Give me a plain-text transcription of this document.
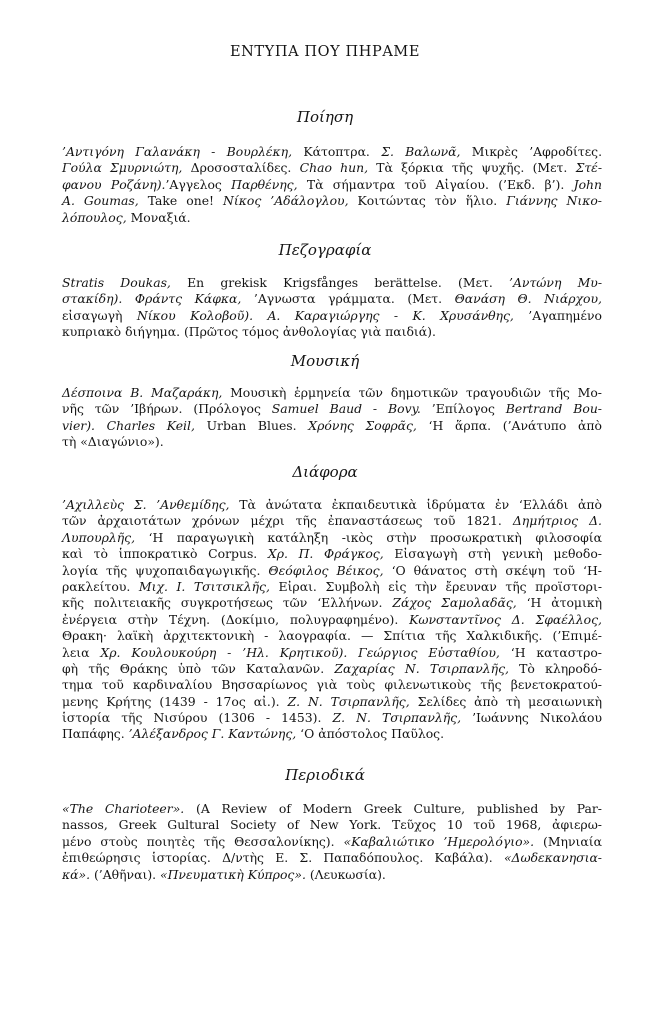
ΕΝΤΥΠΑ ΠΟΥ ΠΗΡΑΜΕ
Ποίηση
’Αντιγόνη Γαλανάκη - Βουρλέκη, Κάτοπτρα. Σ. Βαλωνᾶ, Μικρὲς ’Αφροδίτες.
Γούλα Σμυρνιώτη, Δροσοσταλίδες. Chao hun, Τὰ ξόρκια τῆς ψυχῆς. (Μετ. Στέ-
φανου Ροζάνη).’Αγγελος Παρθένης, Τὰ σήμαντρα τοῦ Αἰγαίου. (’Εκδ. β’). John
A. Goumas, Take one! Νίκος ’Αδάλογλου, Κοιτώντας τὸν ἥλιο. Γιάννης Νικο-
λόπουλος, Μοναξιά.
Πεζογραφία
Stratis Doukas, En grekisk Krigsfånges berättelse. (Μετ. ’Αντώνη Μυ-
στακίδη). Φράντς Κάφκα, ’Αγνωστα γράμματα. (Μετ. Θανάση Θ. Νιάρχου,
εἰσαγωγὴ Νίκου Κολοβοῦ). Α. Καραγιώργης - Κ. Χρυσάνθης, ’Αγαπημένο
κυπριακὸ διήγημα. (Πρῶτος τόμος ἀνθολογίας γιὰ παιδιά).
Μουσική
Δέσποινα Β. Μαζαράκη, Μουσικὴ ἑρμηνεία τῶν δημοτικῶν τραγουδιῶν τῆς Μο-
νῆς τῶν ’Ιβήρων. (Πρόλογος Samuel Baud - Bovy. ’Επίλογος Bertrand Bou-
vier). Charles Keil, Urban Blues. Χρόνης Σοφρᾶς, ‘Η ἅρπα. (’Ανάτυπο ἀπὸ
τὴ «Διαγώνιο»).
Διάφορα
’Αχιλλεὺς Σ. ’Ανθεμίδης, Τὰ ἀνώτατα ἐκπαιδευτικὰ ἱδρύματα ἐν ‘Ελλάδι ἀπὸ
τῶν ἀρχαιοτάτων χρόνων μέχρι τῆς ἐπαναστάσεως τοῦ 1821. Δημήτριος Δ.
Λυπουρλῆς, ‘Η παραγωγικὴ κατάληξη -ικὸς στὴν προσωκρατικὴ φιλοσοφία
καὶ τὸ ἱπποκρατικὸ Corpus. Χρ. Π. Φράγκος, Εἰσαγωγὴ στὴ γενικὴ μεθοδο-
λογία τῆς ψυχοπαιδαγωγικῆς. Θεόφιλος Βέικος, ‘Ο θάνατος στὴ σκέψη τοῦ ‘Η-
ρακλείτου. Μιχ. Ι. Τσιτσικλῆς, Εἰραι. Συμβολὴ εἰς τὴν ἔρευναν τῆς προϊστορι-
κῆς πολιτειακῆς συγκροτήσεως τῶν ‘Ελλήνων. Ζάχος Σαμολαδᾶς, ‘Η ἀτομικὴ
ἐνέργεια στὴν Τέχνη. (Δοκίμιο, πολυγραφημένο). Κωνσταντῖνος Δ. Σφαέλλος,
Θρακη· λαϊκὴ ἀρχιτεκτονικὴ - λαογραφία. — Σπίτια τῆς Χαλκιδικῆς. (’Επιμέ-
λεια Χρ. Κουλουκούρη - ’Ηλ. Κρητικοῦ). Γεώργιος Εὐσταθίου, ‘Η καταστρο-
φὴ τῆς Θράκης ὑπὸ τῶν Καταλανῶν. Ζαχαρίας Ν. Τσιρπανλῆς, Τὸ κληροδό-
τημα τοῦ καρδιναλίου Βησσαρίωνος γιὰ τοὺς φιλενωτικοὺς τῆς βενετοκρατού-
μενης Κρήτης (1439 - 17ος αἰ.). Ζ. Ν. Τσιρπανλῆς, Σελίδες ἀπὸ τὴ μεσαιωνικὴ
ἱστορία τῆς Νισύρου (1306 - 1453). Ζ. Ν. Τσιρπανλῆς, ’Ιωάννης Νικολάου
Παπάφης. ’Αλέξανδρος Γ. Καντώνης, ‘Ο ἀπόστολος Παῦλος.
Περιοδικά
«The Charioteer». (A Review of Modern Greek Culture, published by Par-
nassos, Greek Gultural Society of New York. Τεῦχος 10 τοῦ 1968, ἀφιερω-
μένο στοὺς ποιητὲς τῆς Θεσσαλονίκης). «Καβαλιώτικο ’Ημερολόγιο». (Μηνιαία
ἐπιθεώρησις ἱστορίας. Δ/ντὴς Ε. Σ. Παπαδόπουλος. Καβάλα). «Δωδεκανησια-
κά». (’Αθῆναι). «Πνευματικὴ Κύπρος». (Λευκωσία).
